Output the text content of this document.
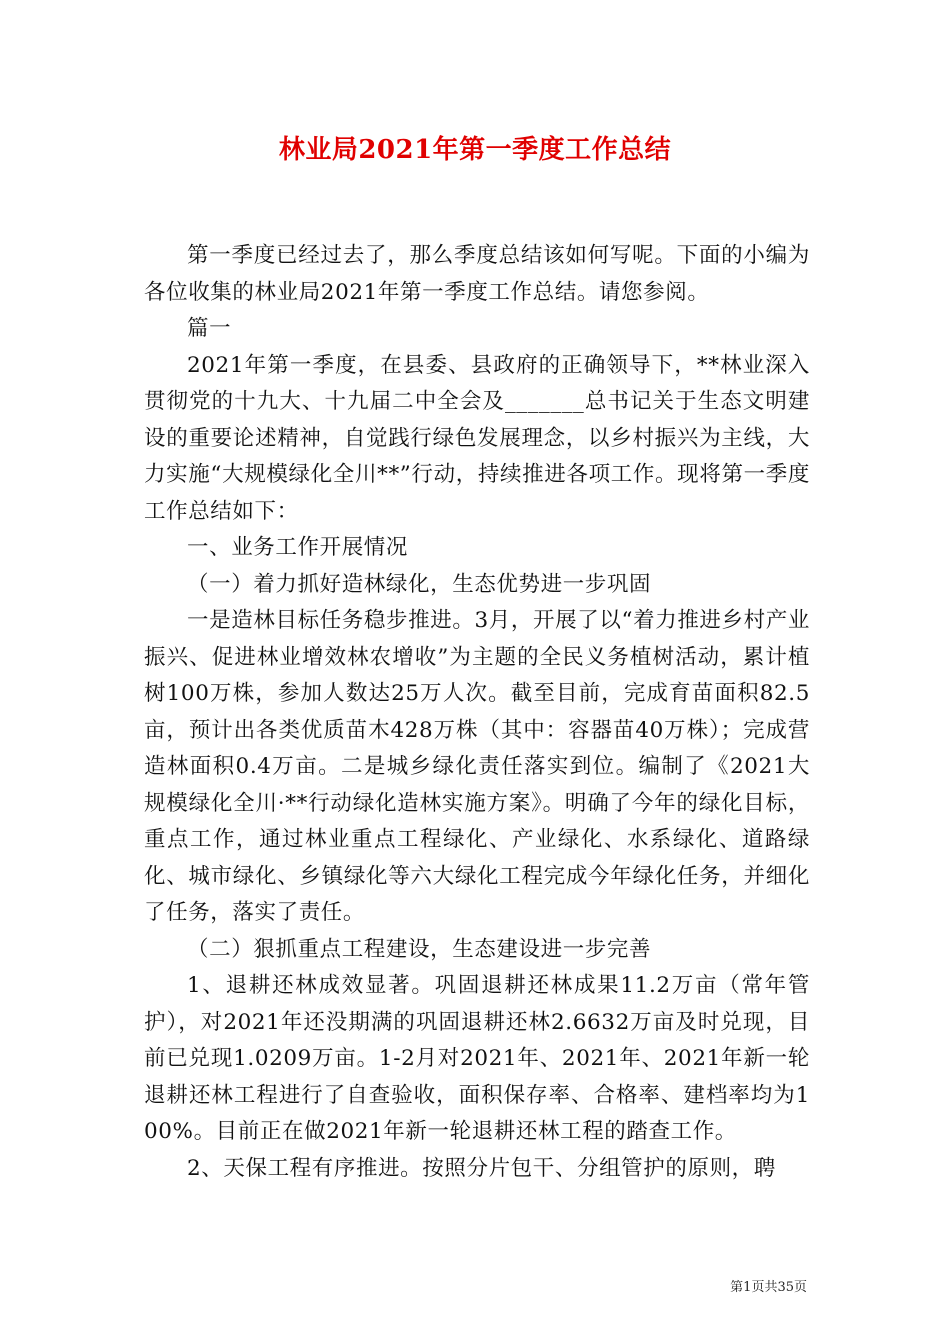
林业局2021年第一季度工作总结

第一季度已经过去了，那么季度总结该如何写呢。下面的小编为各位收集的林业局2021年第一季度工作总结。请您参阅。

篇一

2021年第一季度，在县委、县政府的正确领导下，**林业深入贯彻党的十九大、十九届二中全会及_______总书记关于生态文明建设的重要论述精神，自觉践行绿色发展理念，以乡村振兴为主线，大力实施“大规模绿化全川**”行动，持续推进各项工作。现将第一季度工作总结如下：

一、业务工作开展情况

（一）着力抓好造林绿化，生态优势进一步巩固

一是造林目标任务稳步推进。3月，开展了以“着力推进乡村产业振兴、促进林业增效林农增收”为主题的全民义务植树活动，累计植树100万株，参加人数达25万人次。截至目前，完成育苗面积82.5亩，预计出各类优质苗木428万株（其中：容器苗40万株）；完成营造林面积0.4万亩。二是城乡绿化责任落实到位。编制了《2021大规模绿化全川·**行动绿化造林实施方案》。明确了今年的绿化目标，重点工作，通过林业重点工程绿化、产业绿化、水系绿化、道路绿化、城市绿化、乡镇绿化等六大绿化工程完成今年绿化任务，并细化了任务，落实了责任。

（二）狠抓重点工程建设，生态建设进一步完善

1、退耕还林成效显著。巩固退耕还林成果11.2万亩（常年管护），对2021年还没期满的巩固退耕还林2.6632万亩及时兑现，目前已兑现1.0209万亩。1-2月对2021年、2021年、2021年新一轮退耕还林工程进行了自查验收，面积保存率、合格率、建档率均为100%。目前正在做2021年新一轮退耕还林工程的踏查工作。

2、天保工程有序推进。按照分片包干、分组管护的原则，聘

第1页共35页
